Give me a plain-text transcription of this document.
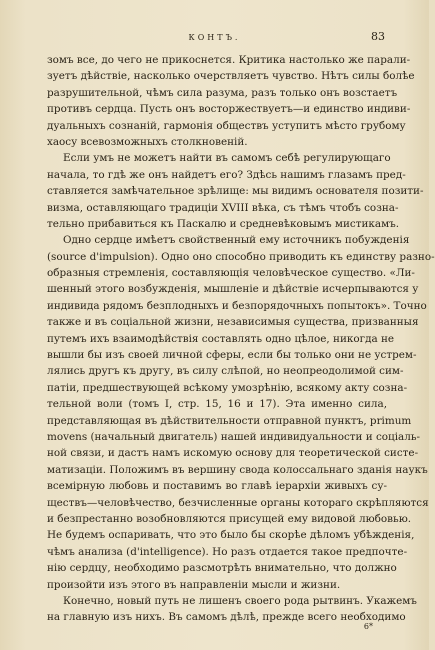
КОНТЪ.	83
зомъ все, до чего не прикоснется. Критика настолько же парали-
зуетъ дѣйствіе, насколько очерствляетъ чувство. Нѣтъ силы болѣе
разрушительной, чѣмъ сила разума, разъ только онъ возстаетъ
противъ сердца. Пусть онъ восторжествуетъ—и единство индиви-
дуальныхъ сознаній, гармонія обществъ уступитъ мѣсто грубому
хаосу всевозможныхъ столкновеній.
Если умъ не можетъ найти въ самомъ себѣ регулирующаго
начала, то гдѣ же онъ найдетъ его? Здѣсь нашимъ глазамъ пред-
ставляется замѣчательное зрѣлище: мы видимъ основателя позити-
визма, оставляющаго традиціи XVIII вѣка, съ тѣмъ чтобъ созна-
тельно прибавиться къ Паскалю и средневѣковымъ мистикамъ.
Одно сердце имѣетъ свойственный ему источникъ побужденія
(source d'impulsion). Одно оно способно приводить къ единству разно-
образныя стремленія, составляющія человѣческое существо. «Ли-
шенный этого возбужденія, мышленіе и дѣйствіе исчерпываются у
индивида рядомъ безплодныхъ и безпорядочныхъ попытокъ». Точно
также и въ соціальной жизни, независимыя существа, призванныя
путемъ ихъ взаимодѣйствія составлять одно цѣлое, никогда не
вышли бы изъ своей личной сферы, если бы только они не устрем-
лялись другъ къ другу, въ силу слѣпой, но неопреодолимой сим-
патіи, предшествующей всѣкому умозрѣнію, всякому акту созна-
тельной воли (томъ I, стр. 15, 16 и 17). Эта именно сила,
представляющая въ дѣйствительности отправной пунктъ, primum
movens (начальный двигатель) нашей индивидуальности и соціаль-
ной связи, и дастъ намъ искомую основу для теоретической систе-
матизаціи. Положимъ въ вершину сводa колоссальнаго зданія наукъ
всемірную любовь и поставимъ во главѣ іерархіи живыхъ су-
ществъ—человѣчество, безчисленные органы котораго скрѣпляются
и безпрестанно возобновляются присущей ему видовой любовью.
Не будемъ оспаривать, что это было бы скорѣе дѣломъ убѣжденія,
чѣмъ анализа (d'intelligence). Но разъ отдается такое предпочте-
нію сердцу, необходимо разсмотрѣть внимательно, что должно
произойти изъ этого въ направленіи мысли и жизни.
Конечно, новый путь не лишенъ своего рода рытвинъ. Укажемъ
на главную изъ нихъ. Въ самомъ дѣлѣ, прежде всего необходимо
6*
